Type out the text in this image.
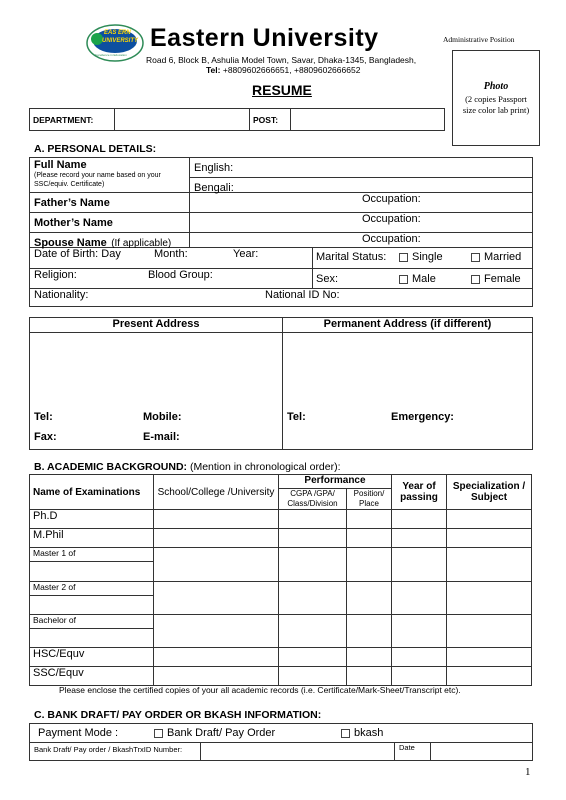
EAS ERN
UNIVERSITY
Excellence in Education
Eastern University
Road 6, Block B, Ashulia Model Town, Savar, Dhaka-1345, Bangladesh,
Tel: +8809602666651, +8809602666652
Administrative Position
RESUME	Photo
(2 copies Passport size color lab print)
DEPARTMENT:		POST:	
A. PERSONAL DETAILS:
Full Name
(Please record your name based on your SSC/equiv. Certificate)
English:
Bengali:
Father’s Name	Occupation:
Mother’s Name	Occupation:
Spouse Name (If applicable)	Occupation:
Date of Birth: Day	Month:	Year:	Marital Status:	Single	Married
Religion:	Blood Group:	Sex:	Male	Female
Nationality:	National ID No:
Present Address	Permanent Address (if different)
Tel:	Mobile:
Fax:	E-mail:
Tel:	Emergency:
B. ACADEMIC BACKGROUND: (Mention in chronological order):
Name of Examinations	School/College /University	Performance		Year of passing	Specialization / Subject
		CGPA /GPA/ Class/Division	Position/ Place		
Ph.D					
M.Phil					
Master 1 of					

Master 2 of					

Bachelor of					

HSC/Equv					
SSC/Equv					
Please enclose the certified copies of your all academic records (i.e. Certificate/Mark-Sheet/Transcript etc).
C. BANK DRAFT/ PAY ORDER OR BKASH INFORMATION:
Payment Mode :	Bank Draft/ Pay Order	bkash
Bank Draft/ Pay order / BkashTrxID Number:	Date
1
